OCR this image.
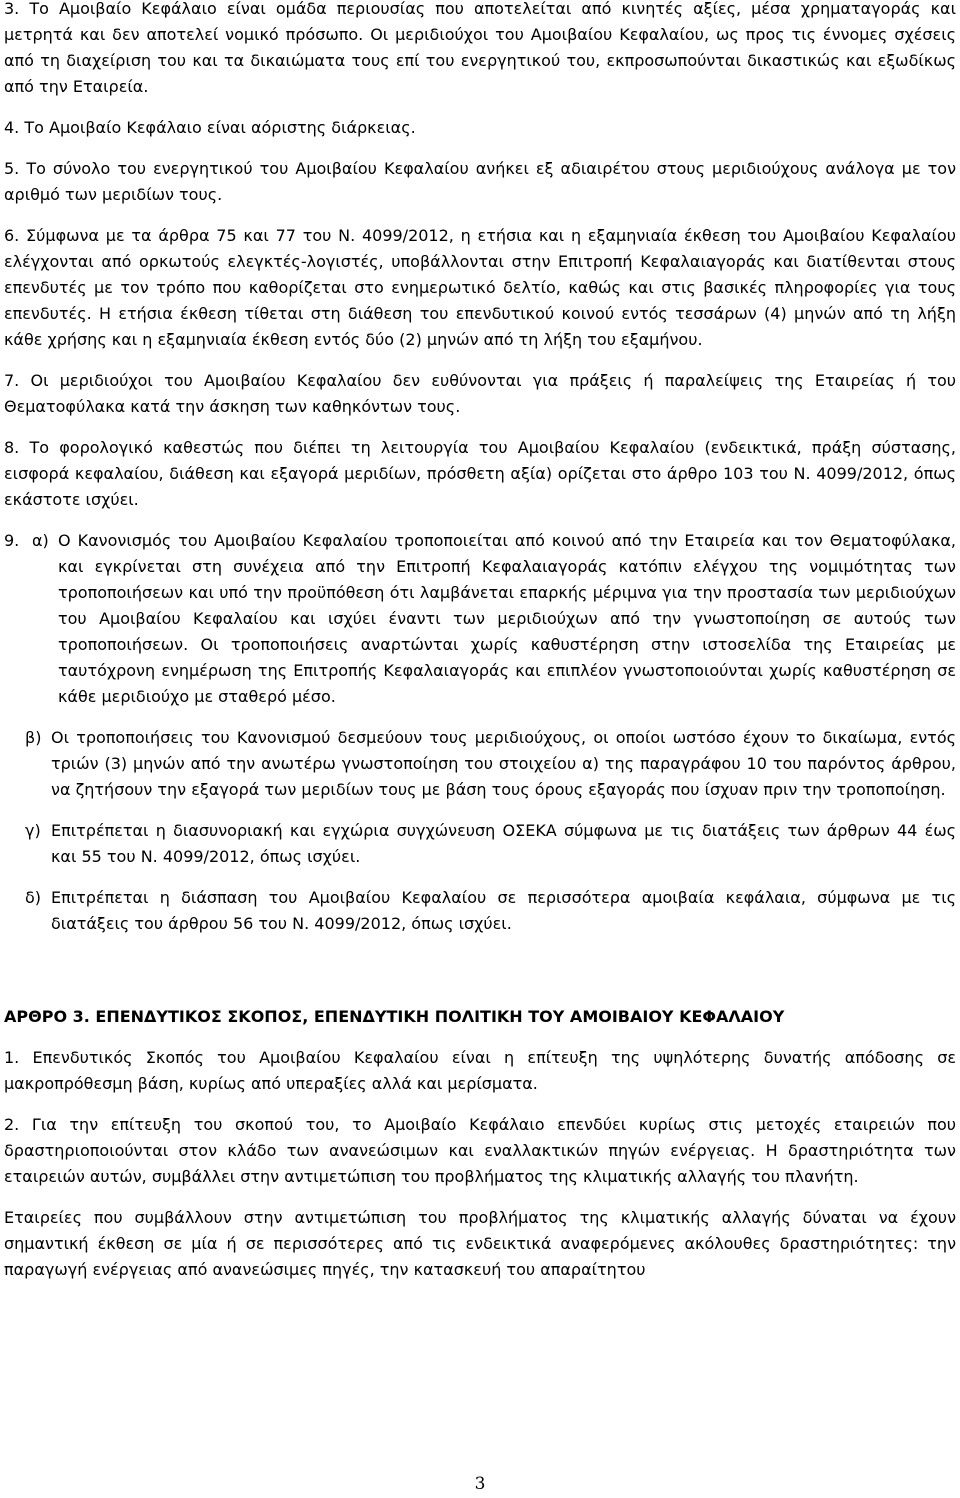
3. Το Αμοιβαίο Κεφάλαιο είναι ομάδα περιουσίας που αποτελείται από κινητές αξίες, μέσα χρηματαγοράς και μετρητά και δεν αποτελεί νομικό πρόσωπο. Οι μεριδιούχοι του Αμοιβαίου Κεφαλαίου, ως προς τις έννομες σχέσεις από τη διαχείριση του και τα δικαιώματα τους επί του ενεργητικού του, εκπροσωπούνται δικαστικώς και εξωδίκως από την Εταιρεία.

4. Το Αμοιβαίο Κεφάλαιο είναι αόριστης διάρκειας.

5. Το σύνολο του ενεργητικού του Αμοιβαίου Κεφαλαίου ανήκει εξ αδιαιρέτου στους μεριδιούχους ανάλογα με τον αριθμό των μεριδίων τους.

6. Σύμφωνα με τα άρθρα 75 και 77 του Ν. 4099/2012, η ετήσια και η εξαμηνιαία έκθεση του Αμοιβαίου Κεφαλαίου ελέγχονται από ορκωτούς ελεγκτές-λογιστές, υποβάλλονται στην Επιτροπή Κεφαλαιαγοράς και διατίθενται στους επενδυτές με τον τρόπο που καθορίζεται στο ενημερωτικό δελτίο, καθώς και στις βασικές πληροφορίες για τους επενδυτές. Η ετήσια έκθεση τίθεται στη διάθεση του επενδυτικού κοινού εντός τεσσάρων (4) μηνών από τη λήξη κάθε χρήσης και η εξαμηνιαία έκθεση εντός δύο (2) μηνών από τη λήξη του εξαμήνου.

7. Οι μεριδιούχοι του Αμοιβαίου Κεφαλαίου δεν ευθύνονται για πράξεις ή παραλείψεις της Εταιρείας ή του Θεματοφύλακα κατά την άσκηση των καθηκόντων τους.

8. Το φορολογικό καθεστώς που διέπει τη λειτουργία του Αμοιβαίου Κεφαλαίου (ενδεικτικά, πράξη σύστασης, εισφορά κεφαλαίου, διάθεση και εξαγορά μεριδίων, πρόσθετη αξία) ορίζεται στο άρθρο 103 του Ν. 4099/2012, όπως εκάστοτε ισχύει.

9. α) Ο Κανονισμός του Αμοιβαίου Κεφαλαίου τροποποιείται από κοινού από την Εταιρεία και τον Θεματοφύλακα, και εγκρίνεται στη συνέχεια από την Επιτροπή Κεφαλαιαγοράς κατόπιν ελέγχου της νομιμότητας των τροποποιήσεων και υπό την προϋπόθεση ότι λαμβάνεται επαρκής μέριμνα για την προστασία των μεριδιούχων του Αμοιβαίου Κεφαλαίου και ισχύει έναντι των μεριδιούχων από την γνωστοποίηση σε αυτούς των τροποποιήσεων. Οι τροποποιήσεις αναρτώνται χωρίς καθυστέρηση στην ιστοσελίδα της Εταιρείας με ταυτόχρονη ενημέρωση της Επιτροπής Κεφαλαιαγοράς και επιπλέον γνωστοποιούνται χωρίς καθυστέρηση σε κάθε μεριδιούχο με σταθερό μέσο.
β) Οι τροποποιήσεις του Κανονισμού δεσμεύουν τους μεριδιούχους, οι οποίοι ωστόσο έχουν το δικαίωμα, εντός τριών (3) μηνών από την ανωτέρω γνωστοποίηση του στοιχείου α) της παραγράφου 10 του παρόντος άρθρου, να ζητήσουν την εξαγορά των μεριδίων τους με βάση τους όρους εξαγοράς που ίσχυαν πριν την τροποποίηση.
γ) Επιτρέπεται η διασυνοριακή και εγχώρια συγχώνευση ΟΣΕΚΑ σύμφωνα με τις διατάξεις των άρθρων 44 έως και 55 του Ν. 4099/2012, όπως ισχύει.
δ) Επιτρέπεται η διάσπαση του Αμοιβαίου Κεφαλαίου σε περισσότερα αμοιβαία κεφάλαια, σύμφωνα με τις διατάξεις του άρθρου 56 του Ν. 4099/2012, όπως ισχύει.
ΑΡΘΡΟ 3. ΕΠΕΝΔΥΤΙΚΟΣ ΣΚΟΠΟΣ, ΕΠΕΝΔΥΤΙΚΗ ΠΟΛΙΤΙΚΗ ΤΟΥ ΑΜΟΙΒΑΙΟΥ ΚΕΦΑΛΑΙΟΥ

1. Επενδυτικός Σκοπός του Αμοιβαίου Κεφαλαίου είναι η επίτευξη της υψηλότερης δυνατής απόδοσης σε μακροπρόθεσμη βάση, κυρίως από υπεραξίες αλλά και μερίσματα.

2. Για την επίτευξη του σκοπού του, το Αμοιβαίο Κεφάλαιο επενδύει κυρίως στις μετοχές εταιρειών που δραστηριοποιούνται στον κλάδο των ανανεώσιμων και εναλλακτικών πηγών ενέργειας. Η δραστηριότητα των εταιρειών αυτών, συμβάλλει στην αντιμετώπιση του προβλήματος της κλιματικής αλλαγής του πλανήτη.

Εταιρείες που συμβάλλουν στην αντιμετώπιση του προβλήματος της κλιματικής αλλαγής δύναται να έχουν σημαντική έκθεση σε μία ή σε περισσότερες από τις ενδεικτικά αναφερόμενες ακόλουθες δραστηριότητες: την παραγωγή ενέργειας από ανανεώσιμες πηγές, την κατασκευή του απαραίτητου

3
